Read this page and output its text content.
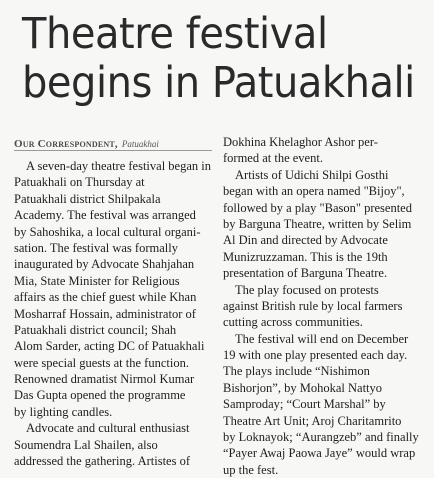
Theatre festival
begins in Patuakhali
Our Correspondent, Patuakhai
A seven-day theatre festival began in
Patuakhali on Thursday at
Patuakhali district Shilpakala
Academy. The festival was arranged
by Sahoshika, a local cultural organi-
sation. The festival was formally
inaugurated by Advocate Shahjahan
Mia, State Minister for Religious
affairs as the chief guest while Khan
Mosharraf Hossain, administrator of
Patuakhali district council; Shah
Alom Sarder, acting DC of Patuakhali
were special guests at the function.
Renowned dramatist Nirmol Kumar
Das Gupta opened the programme
by lighting candles.
Advocate and cultural enthusiast
Soumendra Lal Shailen, also
addressed the gathering. Artistes of
Dokhina Khelaghor Ashor per-
formed at the event.
Artists of Udichi Shilpi Gosthi
began with an opera named "Bijoy",
followed by a play "Bason" presented
by Barguna Theatre, written by Selim
Al Din and directed by Advocate
Munizruzzaman. This is the 19th
presentation of Barguna Theatre.
The play focused on protests
against British rule by local farmers
cutting across communities.
The festival will end on December
19 with one play presented each day.
The plays include “Nishimon
Bishorjon”, by Mohokal Nattyo
Samproday; “Court Marshal” by
Theatre Art Unit; Aroj Charitamrito
by Loknayok; “Aurangzeb” and finally
“Payer Awaj Paowa Jaye” would wrap
up the fest.
